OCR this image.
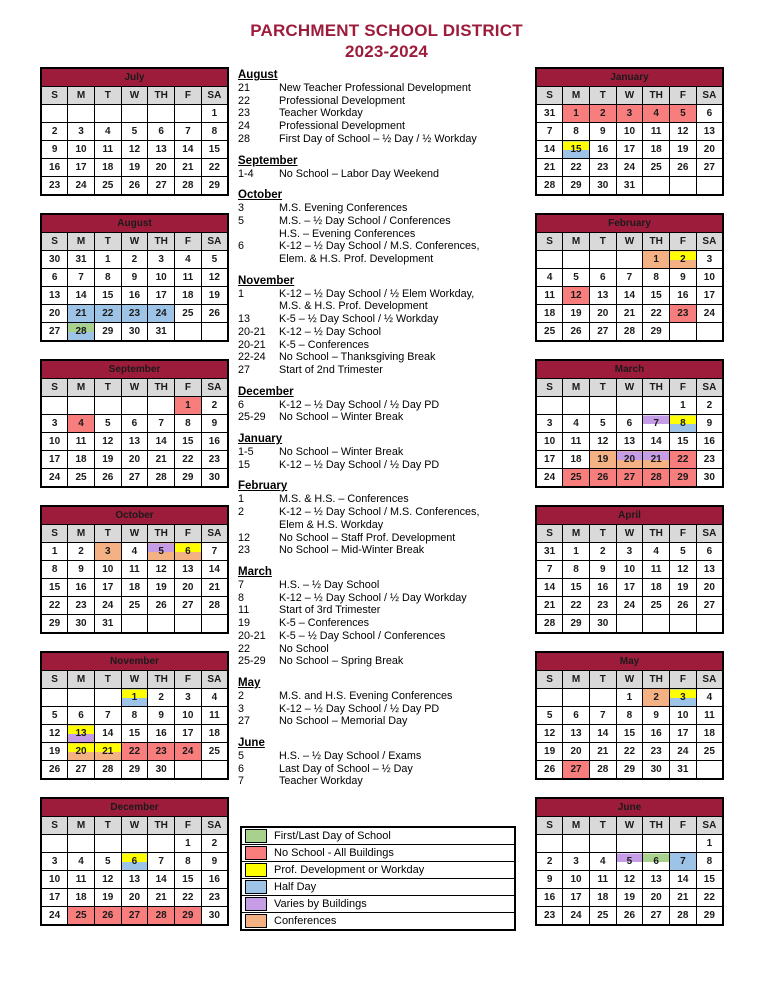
PARCHMENT SCHOOL DISTRICT
2023-2024
July						
S	M	T	W	TH	F	SA
						1
2	3	4	5	6	7	8
9	10	11	12	13	14	15
16	17	18	19	20	21	22
23	24	25	26	27	28	29
August						
S	M	T	W	TH	F	SA
30	31	1	2	3	4	5
6	7	8	9	10	11	12
13	14	15	16	17	18	19
20	21	22	23	24	25	26
27	28	29	30	31		
September						
S	M	T	W	TH	F	SA
					1	2
3	4	5	6	7	8	9
10	11	12	13	14	15	16
17	18	19	20	21	22	23
24	25	26	27	28	29	30
October						
S	M	T	W	TH	F	SA
1	2	3	4	5	6	7
8	9	10	11	12	13	14
15	16	17	18	19	20	21
22	23	24	25	26	27	28
29	30	31				
November						
S	M	T	W	TH	F	SA
			1	2	3	4
5	6	7	8	9	10	11
12	13	14	15	16	17	18
19	20	21	22	23	24	25
26	27	28	29	30		
December						
S	M	T	W	TH	F	SA
					1	2
3	4	5	6	7	8	9
10	11	12	13	14	15	16
17	18	19	20	21	22	23
24	25	26	27	28	29	30
August
21	New Teacher Professional Development
22	Professional Development
23	Teacher Workday
24	Professional Development
28	First Day of School – ½ Day / ½ Workday
September
1-4	No School – Labor Day Weekend
October
3	M.S. Evening Conferences
5	M.S. – ½ Day School / Conferences
H.S. – Evening Conferences
6	K-12 – ½ Day School / M.S. Conferences,
Elem. & H.S. Prof. Development
November
1	K-12 – ½ Day School / ½ Elem Workday,
M.S. & H.S. Prof. Development
13	K-5 – ½ Day School / ½ Workday
20-21	K-12 – ½ Day School
20-21	K-5 – Conferences
22-24	No School – Thanksgiving Break
27	Start of 2nd Trimester
December
6	K-12 – ½ Day School / ½ Day PD
25-29	No School – Winter Break
January
1-5	No School – Winter Break
15	K-12 – ½ Day School / ½ Day PD
February
1	M.S. & H.S. – Conferences
2	K-12 – ½ Day School / M.S. Conferences,
Elem & H.S. Workday
12	No School – Staff Prof. Development
23	No School – Mid-Winter Break
March
7	H.S. – ½ Day School
8	K-12 – ½ Day School / ½ Day Workday
11	Start of 3rd Trimester
19	K-5 – Conferences
20-21	K-5 – ½ Day School / Conferences
22	No School
25-29	No School – Spring Break
May
2	M.S. and H.S. Evening Conferences
3	K-12 – ½ Day School / ½ Day PD
27	No School – Memorial Day
June
5	H.S. – ½ Day School / Exams
6	Last Day of School – ½ Day
7	Teacher Workday
First/Last Day of School
No School - All Buildings
Prof. Development or Workday
Half Day
Varies by Buildings
Conferences
January						
S	M	T	W	TH	F	SA
31	1	2	3	4	5	6
7	8	9	10	11	12	13
14	15	16	17	18	19	20
21	22	23	24	25	26	27
28	29	30	31			
February						
S	M	T	W	TH	F	SA
				1	2	3
4	5	6	7	8	9	10
11	12	13	14	15	16	17
18	19	20	21	22	23	24
25	26	27	28	29		
March						
S	M	T	W	TH	F	SA
					1	2
3	4	5	6	7	8	9
10	11	12	13	14	15	16
17	18	19	20	21	22	23
24	25	26	27	28	29	30
April						
S	M	T	W	TH	F	SA
31	1	2	3	4	5	6
7	8	9	10	11	12	13
14	15	16	17	18	19	20
21	22	23	24	25	26	27
28	29	30				
May						
S	M	T	W	TH	F	SA
			1	2	3	4
5	6	7	8	9	10	11
12	13	14	15	16	17	18
19	20	21	22	23	24	25
26	27	28	29	30	31	
June						
S	M	T	W	TH	F	SA
						1
2	3	4	5	6	7	8
9	10	11	12	13	14	15
16	17	18	19	20	21	22
23	24	25	26	27	28	29
